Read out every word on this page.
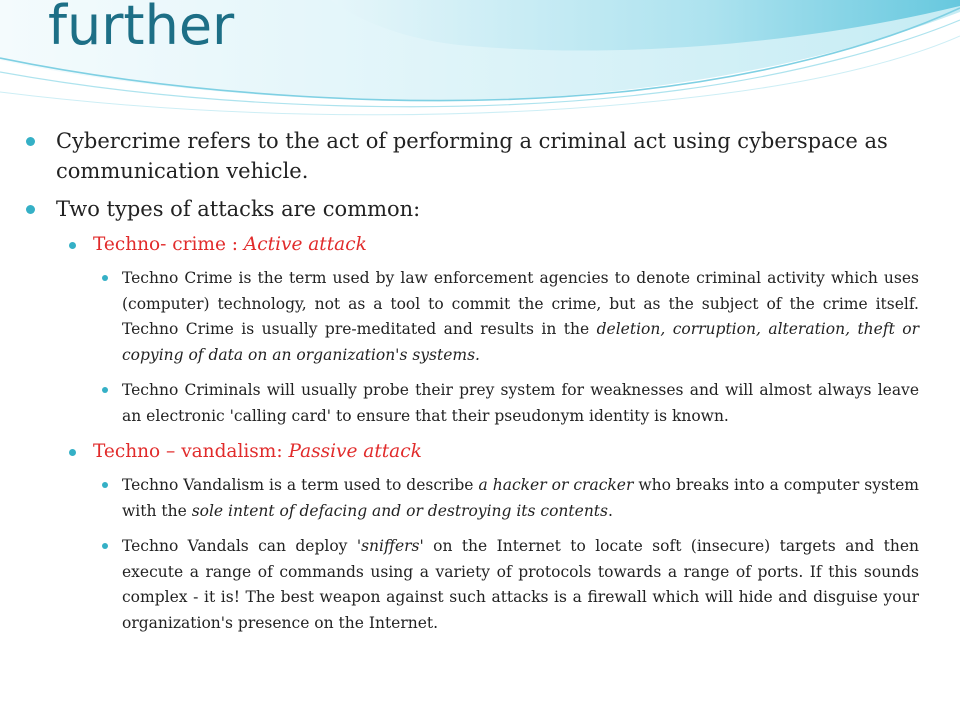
further
Cybercrime refers to the act of performing a criminal act using cyberspace as communication vehicle.
Two types of attacks are common:
Techno- crime : Active attack
Techno Crime is the term used by law enforcement agencies to denote criminal activity which uses (computer) technology, not as a tool to commit the crime, but as the subject of the crime itself. Techno Crime is usually pre-meditated and results in the deletion, corruption, alteration, theft or copying of data on an organization's systems.
Techno Criminals will usually probe their prey system for weaknesses and will almost always leave an electronic 'calling card' to ensure that their pseudonym identity is known.
Techno – vandalism: Passive attack
Techno Vandalism is a term used to describe a hacker or cracker who breaks into a computer system with the sole intent of defacing and or destroying its contents.
Techno Vandals can deploy 'sniffers' on the Internet to locate soft (insecure) targets and then execute a range of commands using a variety of protocols towards a range of ports. If this sounds complex - it is! The best weapon against such attacks is a firewall which will hide and disguise your organization's presence on the Internet.
